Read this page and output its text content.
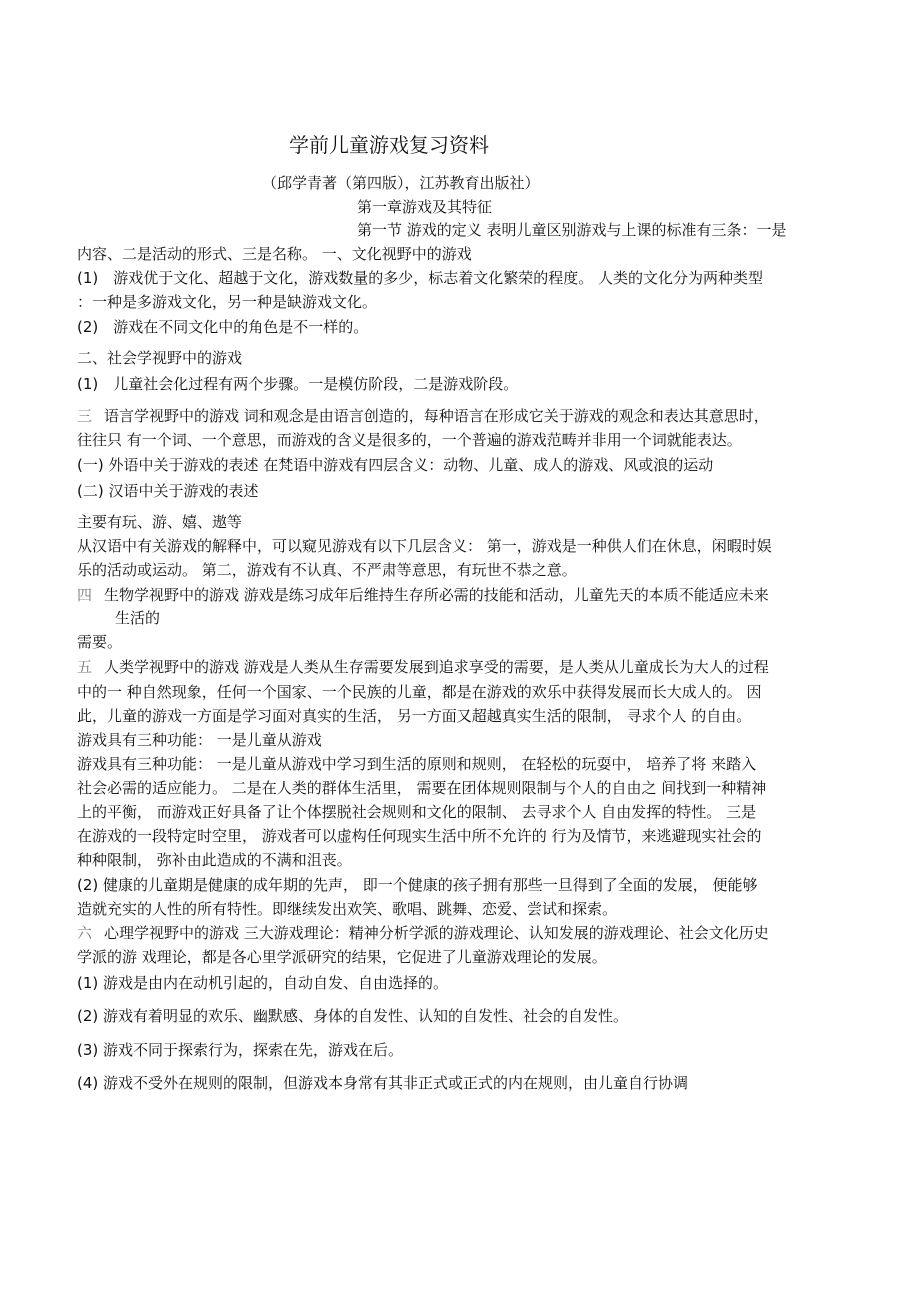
学前儿童游戏复习资料
（邱学青著（第四版），江苏教育出版社）
第一章游戏及其特征
第一节 游戏的定义 表明儿童区别游戏与上课的标准有三条：一是
内容、二是活动的形式、三是名称。 一、文化视野中的游戏
(1)　游戏优于文化、超越于文化，游戏数量的多少，标志着文化繁荣的程度。 人类的文化分为两种类型
：一种是多游戏文化，另一种是缺游戏文化。
(2)　游戏在不同文化中的角色是不一样的。
二、社会学视野中的游戏
(1)　儿童社会化过程有两个步骤。一是模仿阶段，二是游戏阶段。
三 语言学视野中的游戏 词和观念是由语言创造的，每种语言在形成它关于游戏的观念和表达其意思时，
往往只 有一个词、一个意思，而游戏的含义是很多的，一个普遍的游戏范畴并非用一个词就能表达。
(一) 外语中关于游戏的表述 在梵语中游戏有四层含义：动物、儿童、成人的游戏、风或浪的运动
(二) 汉语中关于游戏的表述
主要有玩、游、嬉、遨等
从汉语中有关游戏的解释中，可以窥见游戏有以下几层含义： 第一，游戏是一种供人们在休息，闲暇时娱
乐的活动或运动。 第二，游戏有不认真、不严肃等意思，有玩世不恭之意。
四 生物学视野中的游戏 游戏是练习成年后维持生存所必需的技能和活动，儿童先天的本质不能适应未来
生活的
需要。
五 人类学视野中的游戏 游戏是人类从生存需要发展到追求享受的需要，是人类从儿童成长为大人的过程
中的一 种自然现象，任何一个国家、一个民族的儿童，都是在游戏的欢乐中获得发展而长大成人的。 因
此，儿童的游戏一方面是学习面对真实的生活， 另一方面又超越真实生活的限制， 寻求个人 的自由。
游戏具有三种功能： 一是儿童从游戏
游戏具有三种功能： 一是儿童从游戏中学习到生活的原则和规则， 在轻松的玩耍中， 培养了将 来踏入
社会必需的适应能力。 二是在人类的群体生活里， 需要在团体规则限制与个人的自由之 间找到一种精神
上的平衡， 而游戏正好具备了让个体摆脱社会规则和文化的限制、 去寻求个人 自由发挥的特性。 三是
在游戏的一段特定时空里， 游戏者可以虚构任何现实生活中所不允许的 行为及情节，来逃避现实社会的
种种限制， 弥补由此造成的不满和沮丧。
(2) 健康的儿童期是健康的成年期的先声， 即一个健康的孩子拥有那些一旦得到了全面的发展， 便能够
造就充实的人性的所有特性。即继续发出欢笑、歌唱、跳舞、恋爱、尝试和探索。
六 心理学视野中的游戏 三大游戏理论：精神分析学派的游戏理论、认知发展的游戏理论、社会文化历史
学派的游 戏理论，都是各心里学派研究的结果，它促进了儿童游戏理论的发展。
(1) 游戏是由内在动机引起的，自动自发、自由选择的。
(2) 游戏有着明显的欢乐、幽默感、身体的自发性、认知的自发性、社会的自发性。
(3) 游戏不同于探索行为，探索在先，游戏在后。
(4) 游戏不受外在规则的限制，但游戏本身常有其非正式或正式的内在规则，由儿童自行协调
